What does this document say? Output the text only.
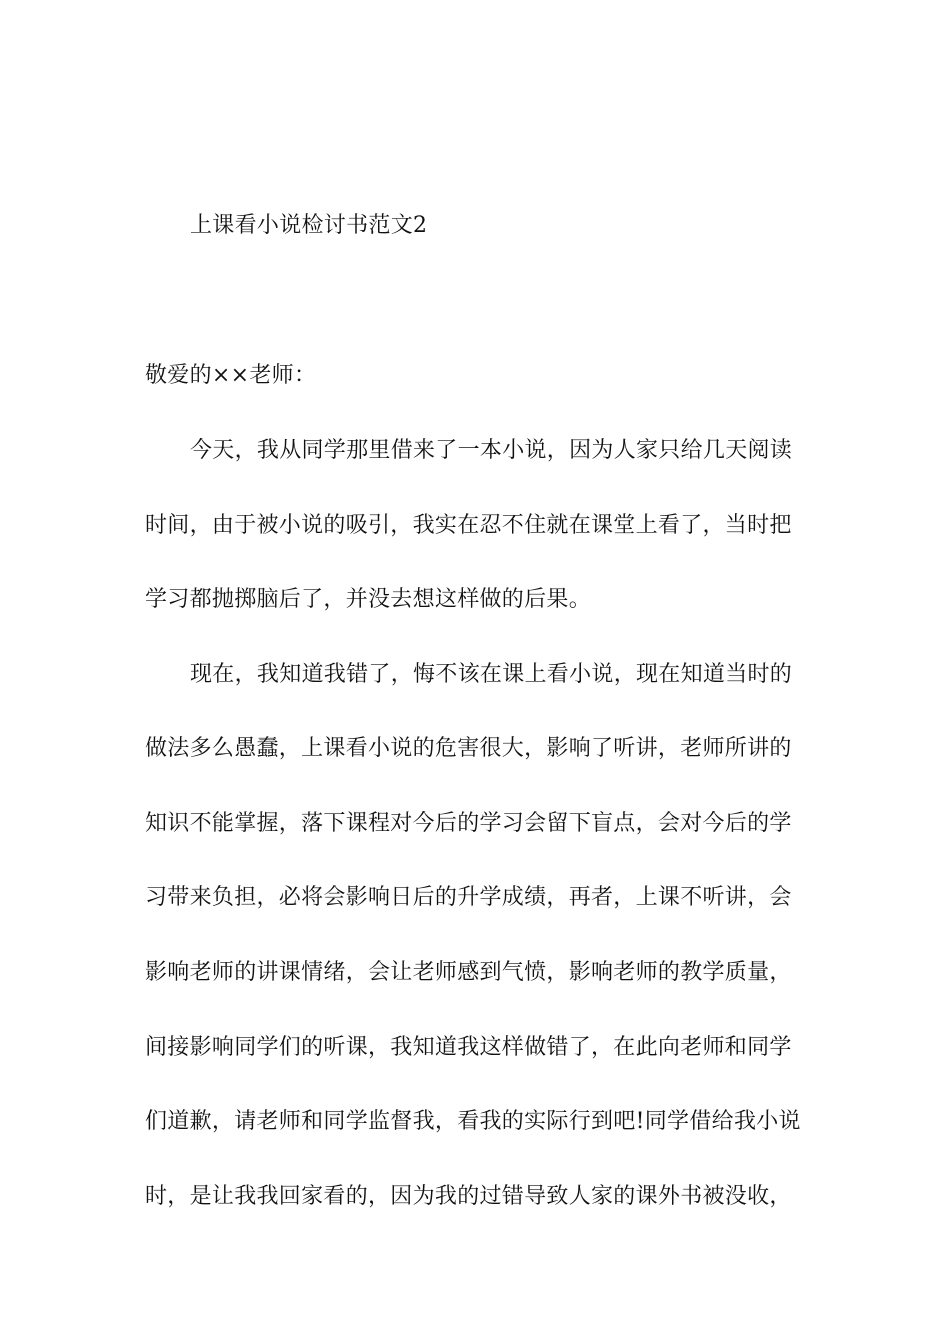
上课看小说检讨书范文2
敬爱的××老师：
今天，我从同学那里借来了一本小说，因为人家只给几天阅读
时间，由于被小说的吸引，我实在忍不住就在课堂上看了，当时把
学习都抛掷脑后了，并没去想这样做的后果。
现在，我知道我错了，悔不该在课上看小说，现在知道当时的
做法多么愚蠢，上课看小说的危害很大，影响了听讲，老师所讲的
知识不能掌握，落下课程对今后的学习会留下盲点，会对今后的学
习带来负担，必将会影响日后的升学成绩，再者，上课不听讲，会
影响老师的讲课情绪，会让老师感到气愤，影响老师的教学质量，
间接影响同学们的听课，我知道我这样做错了，在此向老师和同学
们道歉，请老师和同学监督我，看我的实际行到吧!同学借给我小说
时，是让我我回家看的，因为我的过错导致人家的课外书被没收，
